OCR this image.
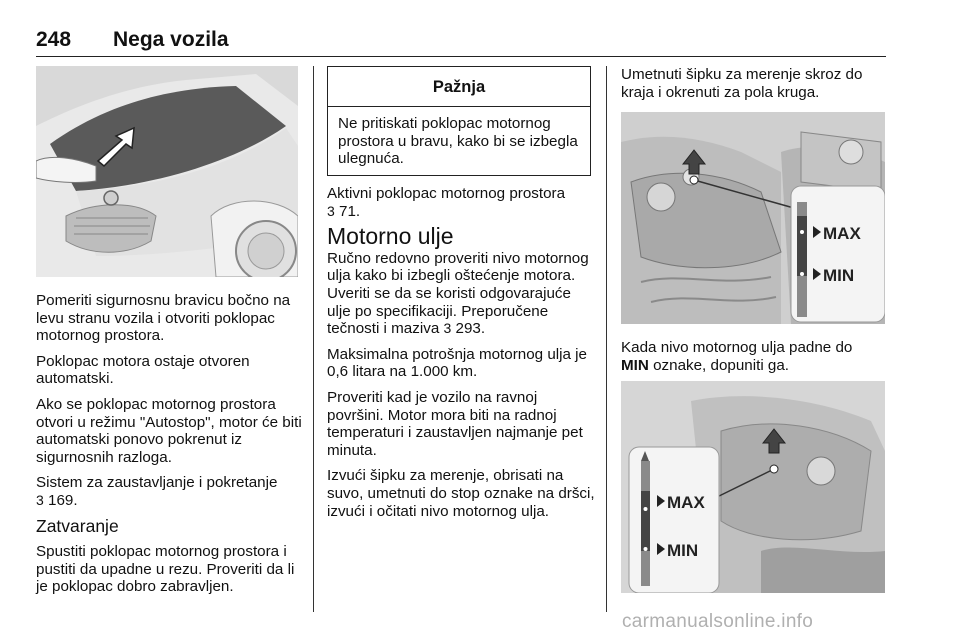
248 Nega vozila

Pomeriti sigurnosnu bravicu bočno na levu stranu vozila i otvoriti poklopac motornog prostora.

Poklopac motora ostaje otvoren automatski.

Ako se poklopac motornog prostora otvori u režimu "Autostop", motor će biti automatski ponovo pokrenut iz sigurnosnih razloga.

Sistem za zaustavljanje i pokretanje
3 169.

Zatvaranje

Spustiti poklopac motornog prostora i pustiti da upadne u rezu. Proveriti da li je poklopac dobro zabravljen.

Pažnja
Ne pritiskati poklopac motornog prostora u bravu, kako bi se izbegla ulegnuća.

Aktivni poklopac motornog prostora
3 71.

Motorno ulje

Ručno redovno proveriti nivo motornog ulja kako bi izbegli oštećenje motora. Uveriti se da se koristi odgovarajuće ulje po specifikaciji. Preporučene tečnosti i maziva 3 293.

Maksimalna potrošnja motornog ulja je 0,6 litara na 1.000 km.

Proveriti kad je vozilo na ravnoj površini. Motor mora biti na radnoj temperaturi i zaustavljen najmanje pet minuta.

Izvući šipku za merenje, obrisati na suvo, umetnuti do stop oznake na dršci, izvući i očitati nivo motornog ulja.

Umetnuti šipku za merenje skroz do kraja i okrenuti za pola kruga.

MAX
MIN

Kada nivo motornog ulja padne do
MIN oznake, dopuniti ga.

MAX
MIN
carmanualsonline.info
